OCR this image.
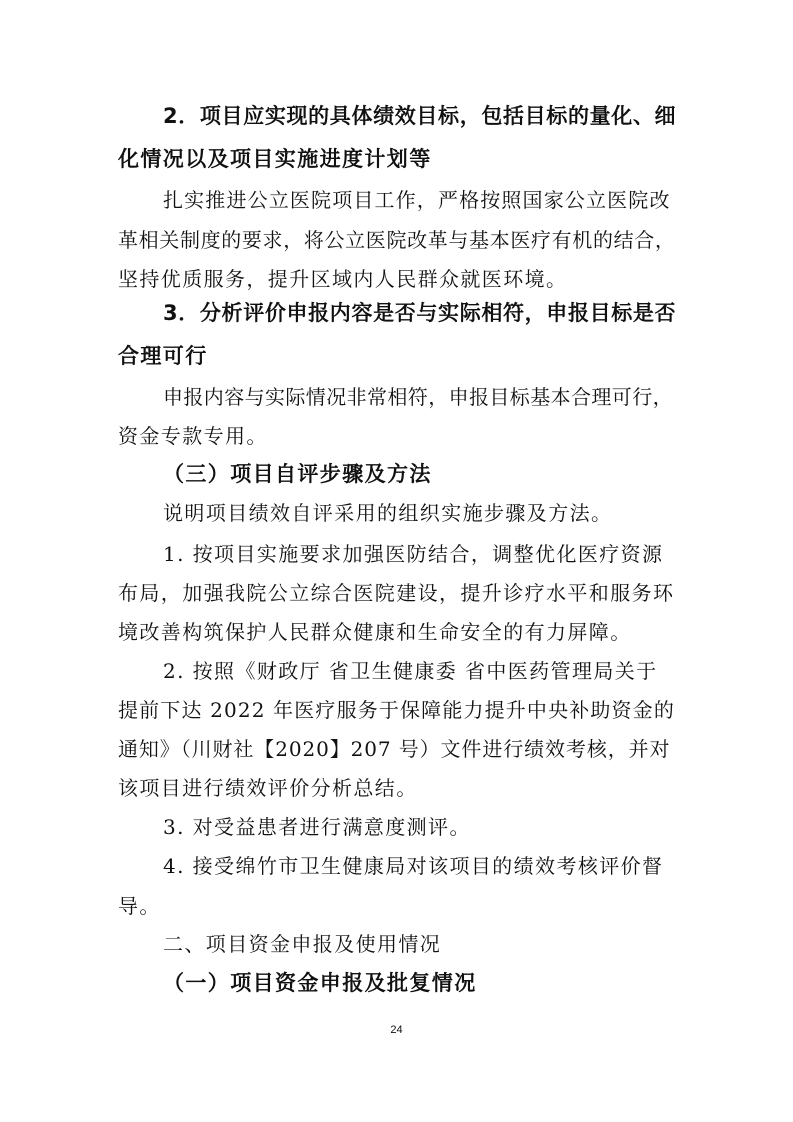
2．项目应实现的具体绩效目标，包括目标的量化、细
化情况以及项目实施进度计划等
扎实推进公立医院项目工作，严格按照国家公立医院改
革相关制度的要求，将公立医院改革与基本医疗有机的结合，
坚持优质服务，提升区域内人民群众就医环境。
3．分析评价申报内容是否与实际相符，申报目标是否
合理可行
申报内容与实际情况非常相符，申报目标基本合理可行，
资金专款专用。
（三）项目自评步骤及方法
说明项目绩效自评采用的组织实施步骤及方法。
1. 按项目实施要求加强医防结合，调整优化医疗资源
布局，加强我院公立综合医院建设，提升诊疗水平和服务环
境改善构筑保护人民群众健康和生命安全的有力屏障。
2. 按照《财政厅 省卫生健康委 省中医药管理局关于
提前下达 2022 年医疗服务于保障能力提升中央补助资金的
通知》（川财社【2020】207 号）文件进行绩效考核，并对
该项目进行绩效评价分析总结。
3. 对受益患者进行满意度测评。
4. 接受绵竹市卫生健康局对该项目的绩效考核评价督
导。
二、项目资金申报及使用情况
（一）项目资金申报及批复情况
24
